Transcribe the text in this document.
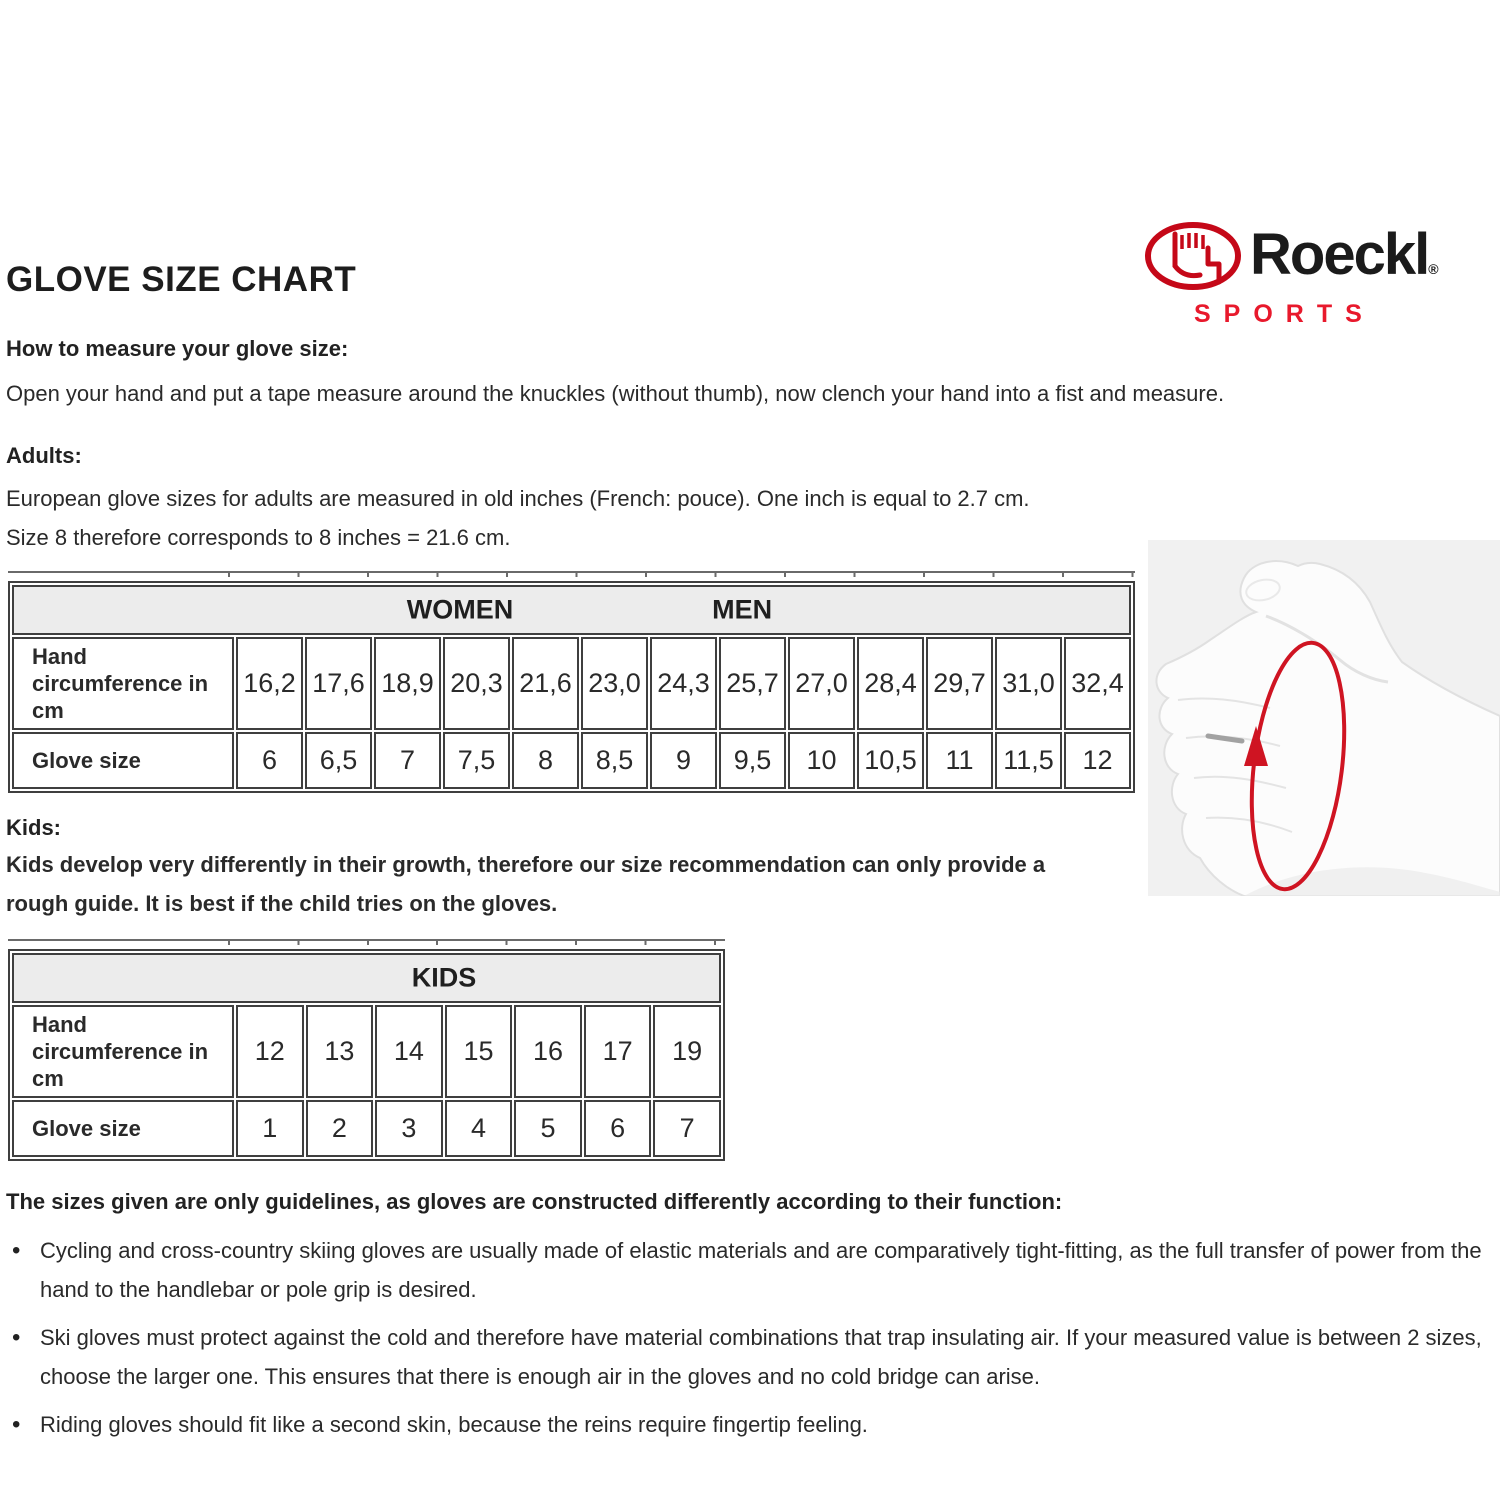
GLOVE SIZE CHART	Roeckl®
SPORTS
How to measure your glove size:
Open your hand and put a tape measure around the knuckles (without thumb), now clench your hand into a fist and measure.
Adults:
European glove sizes for adults are measured in old inches (French: pouce). One inch is equal to 2.7 cm.
Size 8 therefore corresponds to 8 inches = 21.6 cm.
WOMEN MEN													

Hand circumference in cm	16,2	17,6	18,9	20,3	21,6	23,0	24,3	25,7	27,0	28,4	29,7	31,0	32,4
Glove size	6	6,5	7	7,5	8	8,5	9	9,5	10	10,5	11	11,5	12
Kids:
Kids develop very differently in their growth, therefore our size recommendation can only provide a rough guide. It is best if the child tries on the gloves.
KIDS							

Hand circumference in cm	12	13	14	15	16	17	19
Glove size	1	2	3	4	5	6	7
The sizes given are only guidelines, as gloves are constructed differently according to their function:
• Cycling and cross-country skiing gloves are usually made of elastic materials and are comparatively tight-fitting, as the full transfer of power from the hand to the handlebar or pole grip is desired.
• Ski gloves must protect against the cold and therefore have material combinations that trap insulating air. If your measured value is between 2 sizes, choose the larger one. This ensures that there is enough air in the gloves and no cold bridge can arise.
• Riding gloves should fit like a second skin, because the reins require fingertip feeling.
